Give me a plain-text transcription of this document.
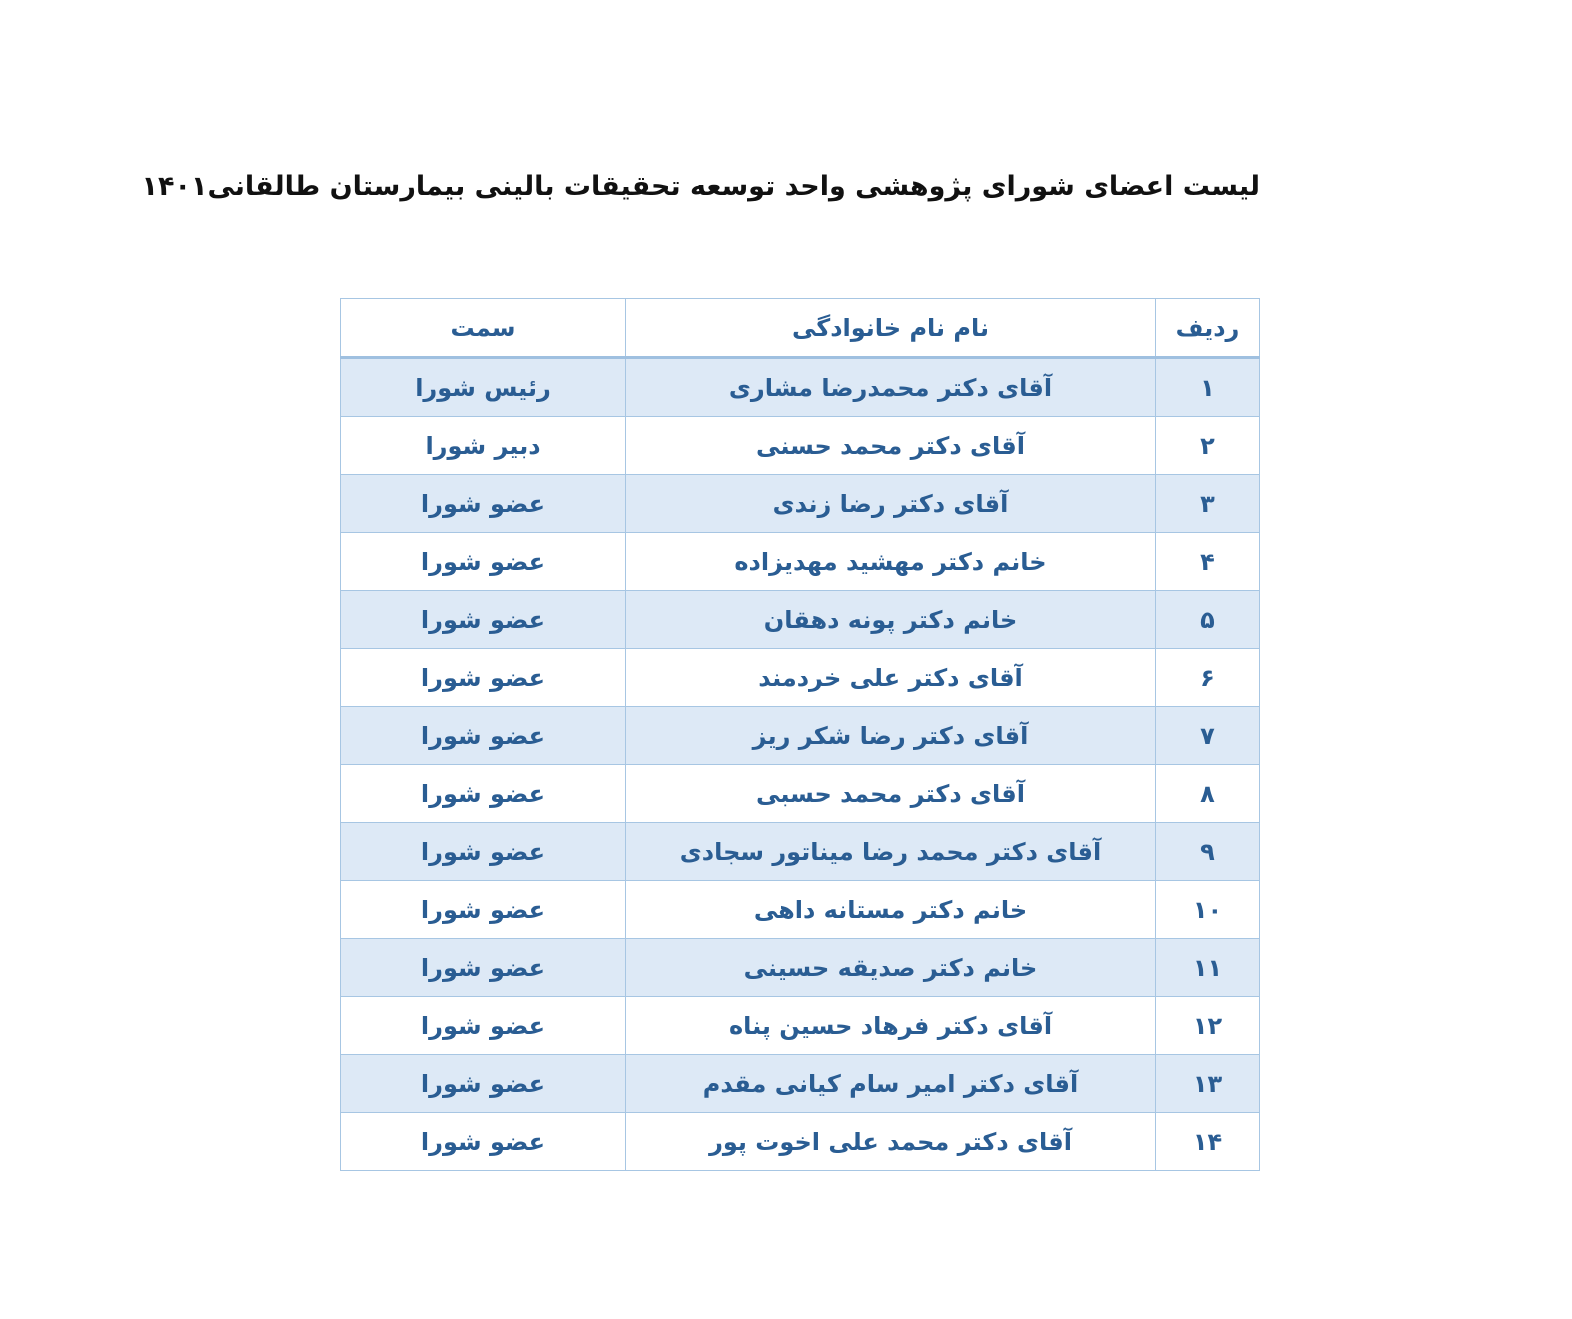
لیست اعضای شورای پژوهشی واحد توسعه تحقیقات بالینی بیمارستان طالقانی۱۴۰۱
ردیف	نام نام خانوادگی	سمت
۱	آقای دکتر محمدرضا مشاری	رئیس شورا
۲	آقای دکتر محمد حسنی	دبیر شورا
۳	آقای دکتر رضا زندی	عضو شورا
۴	خانم دکتر مهشید مهدیزاده	عضو شورا
۵	خانم دکتر پونه دهقان	عضو شورا
۶	آقای دکتر علی خردمند	عضو شورا
۷	آقای دکتر رضا شکر ریز	عضو شورا
۸	آقای دکتر محمد حسبی	عضو شورا
۹	آقای دکتر محمد رضا میناتور سجادی	عضو شورا
۱۰	خانم دکتر مستانه داهی	عضو شورا
۱۱	خانم دکتر صدیقه حسینی	عضو شورا
۱۲	آقای دکتر فرهاد حسین پناه	عضو شورا
۱۳	آقای دکتر امیر سام کیانی مقدم	عضو شورا
۱۴	آقای دکتر محمد علی اخوت پور	عضو شورا
